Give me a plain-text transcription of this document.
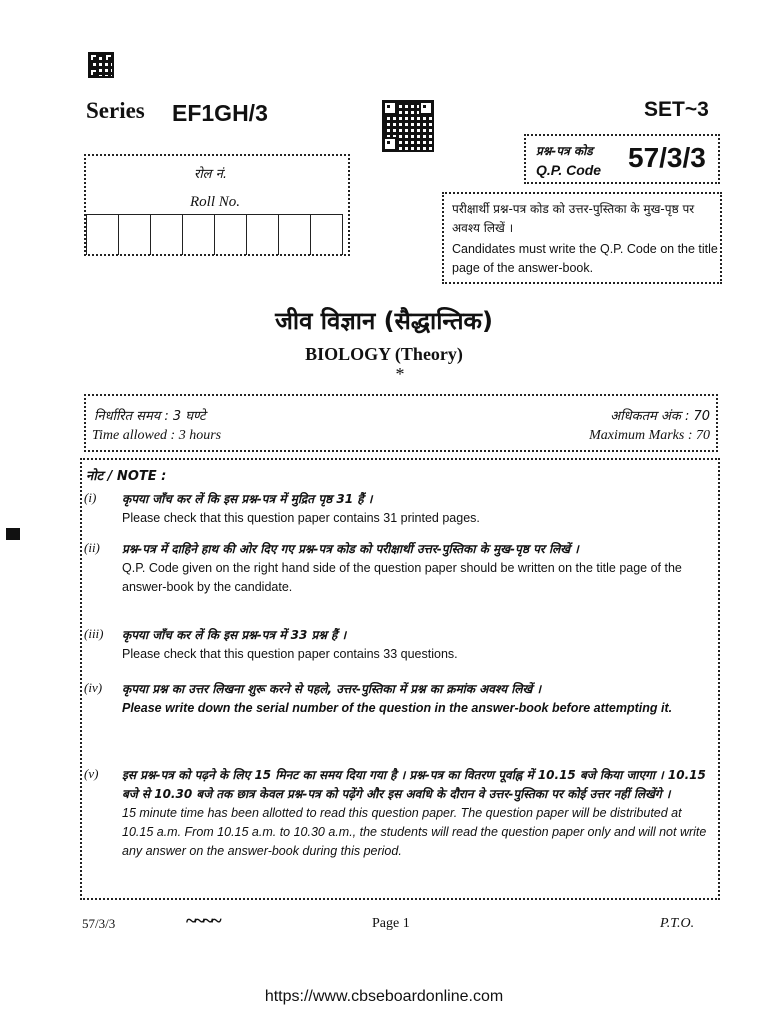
Series EF1GH/3	SET~3
प्रश्न-पत्र कोड
Q.P. Code 57/3/3
रोल नं.
Roll No.	परीक्षार्थी प्रश्न-पत्र कोड को उत्तर-पुस्तिका के मुख-पृष्ठ पर अवश्य लिखें ।
Candidates must write the Q.P. Code on the title page of the answer-book.
जीव विज्ञान (सैद्धान्तिक)
BIOLOGY (Theory)
*
निर्धारित समय : 3 घण्टे
Time allowed : 3 hours
अधिकतम अंक : 70
Maximum Marks : 70
नोट / NOTE :
(i) कृपया जाँच कर लें कि इस प्रश्न-पत्र में मुद्रित पृष्ठ 31 हैं ।
Please check that this question paper contains 31 printed pages.
(ii) प्रश्न-पत्र में दाहिने हाथ की ओर दिए गए प्रश्न-पत्र कोड को परीक्षार्थी उत्तर-पुस्तिका के मुख-पृष्ठ पर लिखें ।
Q.P. Code given on the right hand side of the question paper should be written on the title page of the answer-book by the candidate.
(iii) कृपया जाँच कर लें कि इस प्रश्न-पत्र में 33 प्रश्न हैं ।
Please check that this question paper contains 33 questions.
(iv) कृपया प्रश्न का उत्तर लिखना शुरू करने से पहले, उत्तर-पुस्तिका में प्रश्न का क्रमांक अवश्य लिखें ।
Please write down the serial number of the question in the answer-book before attempting it.
(v) इस प्रश्न-पत्र को पढ़ने के लिए 15 मिनट का समय दिया गया है । प्रश्न-पत्र का वितरण पूर्वाह्न में 10.15 बजे किया जाएगा । 10.15 बजे से 10.30 बजे तक छात्र केवल प्रश्न-पत्र को पढ़ेंगे और इस अवधि के दौरान वे उत्तर-पुस्तिका पर कोई उत्तर नहीं लिखेंगे ।
15 minute time has been allotted to read this question paper. The question paper will be distributed at 10.15 a.m. From 10.15 a.m. to 10.30 a.m., the students will read the question paper only and will not write any answer on the answer-book during this period.
57/3/3	~~~~	Page 1	P.T.O.
https://www.cbseboardonline.com
